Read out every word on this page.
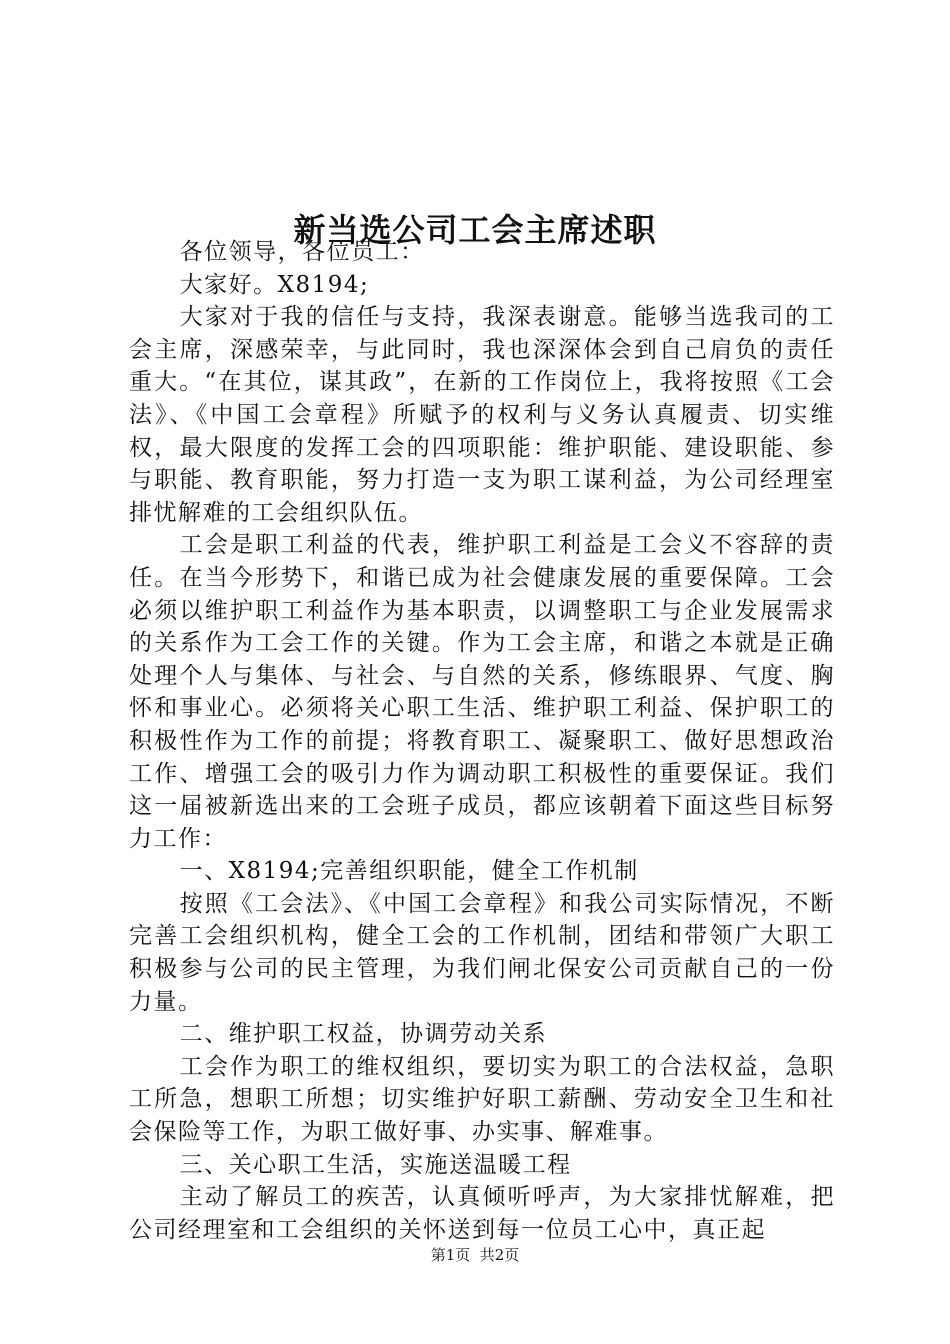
新当选公司工会主席述职

各位领导，各位员工：

大家好。X8194;

大家对于我的信任与支持，我深表谢意。能够当选我司的工会主席，深感荣幸，与此同时，我也深深体会到自己肩负的责任重大。“在其位，谋其政”，在新的工作岗位上，我将按照《工会法》、《中国工会章程》所赋予的权利与义务认真履责、切实维权，最大限度的发挥工会的四项职能：维护职能、建设职能、参与职能、教育职能，努力打造一支为职工谋利益，为公司经理室排忧解难的工会组织队伍。

工会是职工利益的代表，维护职工利益是工会义不容辞的责任。在当今形势下，和谐已成为社会健康发展的重要保障。工会必须以维护职工利益作为基本职责，以调整职工与企业发展需求的关系作为工会工作的关键。作为工会主席，和谐之本就是正确处理个人与集体、与社会、与自然的关系，修练眼界、气度、胸怀和事业心。必须将关心职工生活、维护职工利益、保护职工的积极性作为工作的前提；将教育职工、凝聚职工、做好思想政治工作、增强工会的吸引力作为调动职工积极性的重要保证。我们这一届被新选出来的工会班子成员，都应该朝着下面这些目标努力工作：

一、X8194;完善组织职能，健全工作机制

按照《工会法》、《中国工会章程》和我公司实际情况，不断完善工会组织机构，健全工会的工作机制，团结和带领广大职工积极参与公司的民主管理，为我们闸北保安公司贡献自己的一份力量。

二、维护职工权益，协调劳动关系

工会作为职工的维权组织，要切实为职工的合法权益，急职工所急，想职工所想；切实维护好职工薪酬、劳动安全卫生和社会保险等工作，为职工做好事、办实事、解难事。

三、关心职工生活，实施送温暖工程

主动了解员工的疾苦，认真倾听呼声，为大家排忧解难，把公司经理室和工会组织的关怀送到每一位员工心中，真正起

第1页  共2页
